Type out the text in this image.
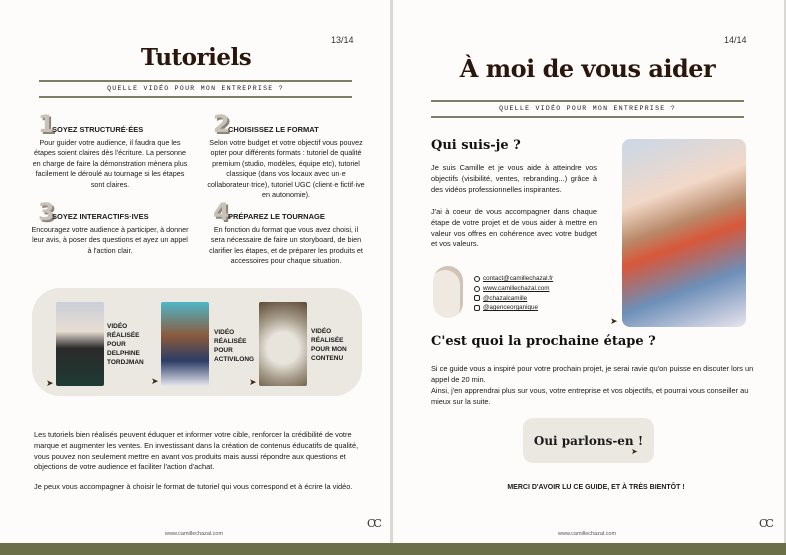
13/14
Tutoriels
QUELLE VIDÉO POUR MON ENTREPRISE ?
1
SOYEZ STRUCTURÉ·ÉES

Pour guider votre audience, il faudra que les étapes soient claires dès l'écriture. La personne en charge de faire la démonstration mènera plus facilement le déroulé au tournage si les étapes sont claires.

2
CHOISISSEZ LE FORMAT

Selon votre budget et votre objectif vous pouvez opter pour différents formats : tutoriel de qualité premium (studio, modèles, équipe etc), tutoriel classique (dans vos locaux avec un·e collaborateur·trice), tutoriel UGC (client·e fictif·ive en autonomie).

3
SOYEZ INTERACTIFS·IVES

Encouragez votre audience à participer, à donner leur avis, à poser des questions et ayez un appel à l'action clair.

4
PRÉPAREZ LE TOURNAGE

En fonction du format que vous avez choisi, il sera nécessaire de faire un storyboard, de bien clarifier les étapes, et de préparer les produits et accessoires pour chaque situation.

VIDÉO RÉALISÉE POUR DELPHINE TORDJMAN
➤
VIDÉO RÉALISÉE POUR ACTIVILONG
➤
VIDÉO RÉALISÉE POUR MON CONTENU
➤
Les tutoriels bien réalisés peuvent éduquer et informer votre cible, renforcer la crédibilité de votre marque et augmenter les ventes. En investissant dans la création de contenus éducatifs de qualité, vous pouvez non seulement mettre en avant vos produits mais aussi répondre aux questions et objections de votre audience et faciliter l'action d'achat.
Je peux vous accompagner à choisir le format de tutoriel qui vous correspond et à écrire la vidéo.
www.camillechazal.com
CC
14/14
À moi de vous aider
QUELLE VIDÉO POUR MON ENTREPRISE ?
Qui suis-je ?
Je suis Camille et je vous aide à atteindre vos objectifs (visibilité, ventes, rebranding...) grâce à des vidéos professionnelles inspirantes.
J'ai à coeur de vous accompagner dans chaque étape de votre projet et de vous aider à mettre en valeur vos offres en cohérence avec votre budget et vos valeurs.
contact@camillechazal.fr
www.camillechazal.com
@chazalcamille
@agenceorganique
➤
C'est quoi la prochaine étape ?
Si ce guide vous a inspiré pour votre prochain projet, je serai ravie qu'on puisse en discuter lors un appel de 20 min.
Ainsi, j'en apprendrai plus sur vous, votre entreprise et vos objectifs, et pourrai vous conseiller au mieux sur la suite.
Oui parlons-en !
➤
MERCI D'AVOIR LU CE GUIDE, ET À TRÈS BIENTÔT !
www.camillechazal.com
CC
